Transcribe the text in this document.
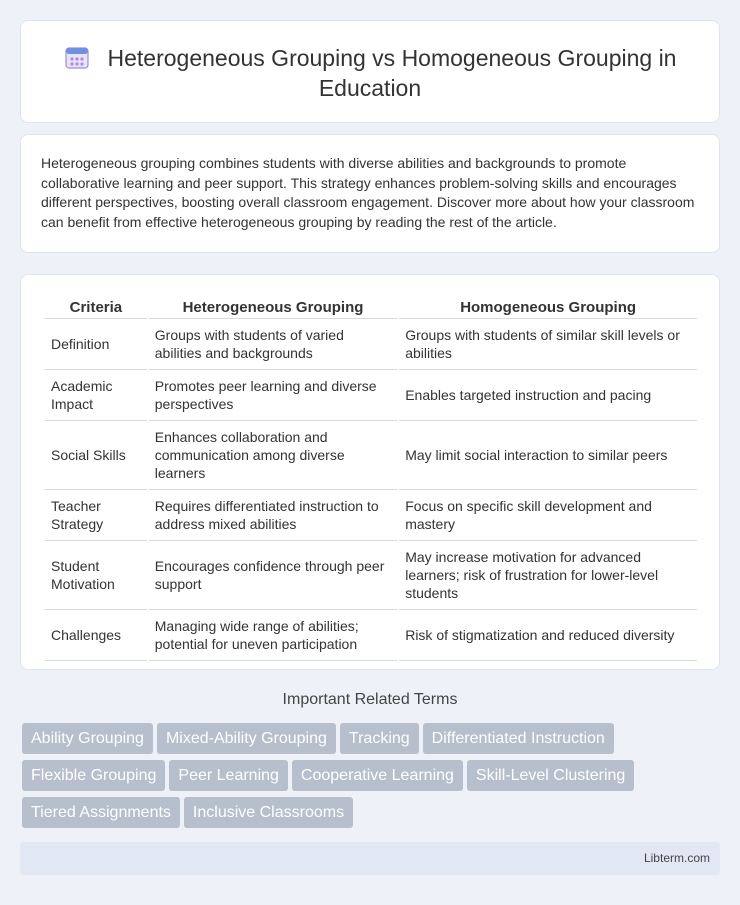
Heterogeneous Grouping vs Homogeneous Grouping in Education

Heterogeneous grouping combines students with diverse abilities and backgrounds to promote collaborative learning and peer support. This strategy enhances problem-solving skills and encourages different perspectives, boosting overall classroom engagement. Discover more about how your classroom can benefit from effective heterogeneous grouping by reading the rest of the article.

Criteria	Heterogeneous Grouping	Homogeneous Grouping
Definition	Groups with students of varied abilities and backgrounds	Groups with students of similar skill levels or abilities
Academic Impact	Promotes peer learning and diverse perspectives	Enables targeted instruction and pacing
Social Skills	Enhances collaboration and communication among diverse learners	May limit social interaction to similar peers
Teacher Strategy	Requires differentiated instruction to address mixed abilities	Focus on specific skill development and mastery
Student Motivation	Encourages confidence through peer support	May increase motivation for advanced learners; risk of frustration for lower-level students
Challenges	Managing wide range of abilities; potential for uneven participation	Risk of stigmatization and reduced diversity
Important Related Terms
Ability Grouping Mixed-Ability Grouping Tracking Differentiated Instruction
Flexible Grouping Peer Learning Cooperative Learning Skill-Level Clustering
Tiered Assignments Inclusive Classrooms
Libterm.com
